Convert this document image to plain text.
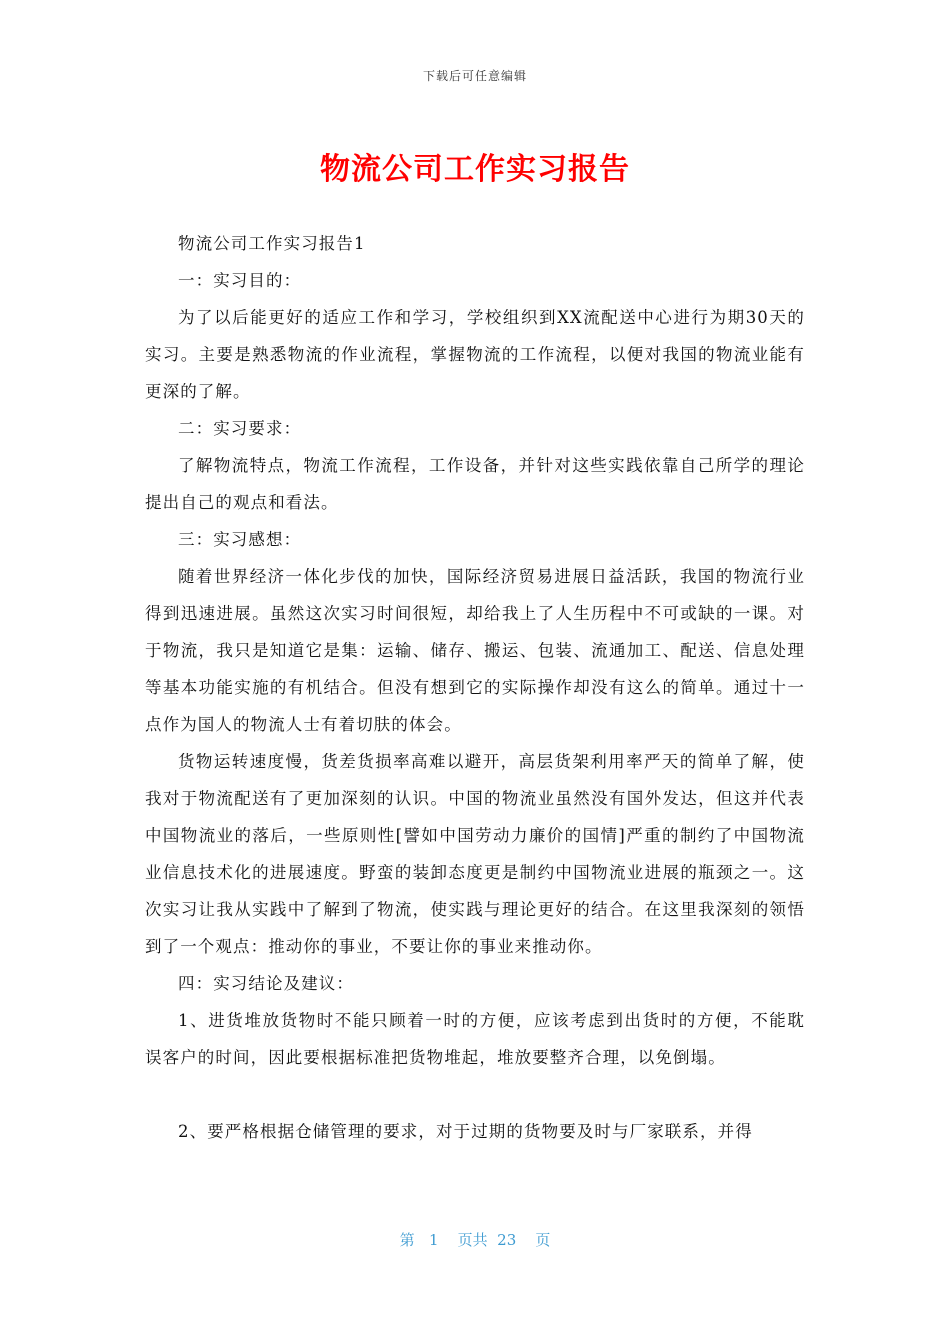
下载后可任意编辑
物流公司工作实习报告

物流公司工作实习报告1

一：实习目的：

为了以后能更好的适应工作和学习，学校组织到XX流配送中心进行为期30天的实习。主要是熟悉物流的作业流程，掌握物流的工作流程，以便对我国的物流业能有更深的了解。

二：实习要求：

了解物流特点，物流工作流程，工作设备，并针对这些实践依靠自己所学的理论提出自己的观点和看法。

三：实习感想：

随着世界经济一体化步伐的加快，国际经济贸易进展日益活跃，我国的物流行业得到迅速进展。虽然这次实习时间很短，却给我上了人生历程中不可或缺的一课。对于物流，我只是知道它是集：运输、储存、搬运、包装、流通加工、配送、信息处理等基本功能实施的有机结合。但没有想到它的实际操作却没有这么的简单。通过十一点作为国人的物流人士有着切肤的体会。

货物运转速度慢，货差货损率高难以避开，高层货架利用率严天的简单了解，使我对于物流配送有了更加深刻的认识。中国的物流业虽然没有国外发达，但这并代表中国物流业的落后，一些原则性[譬如中国劳动力廉价的国情]严重的制约了中国物流业信息技术化的进展速度。野蛮的装卸态度更是制约中国物流业进展的瓶颈之一。这次实习让我从实践中了解到了物流，使实践与理论更好的结合。在这里我深刻的领悟到了一个观点：推动你的事业，不要让你的事业来推动你。

四：实习结论及建议：

1、进货堆放货物时不能只顾着一时的方便，应该考虑到出货时的方便，不能耽误客户的时间，因此要根据标准把货物堆起，堆放要整齐合理，以免倒塌。

2、要严格根据仓储管理的要求，对于过期的货物要及时与厂家联系，并得

第 1 页共 23 页
